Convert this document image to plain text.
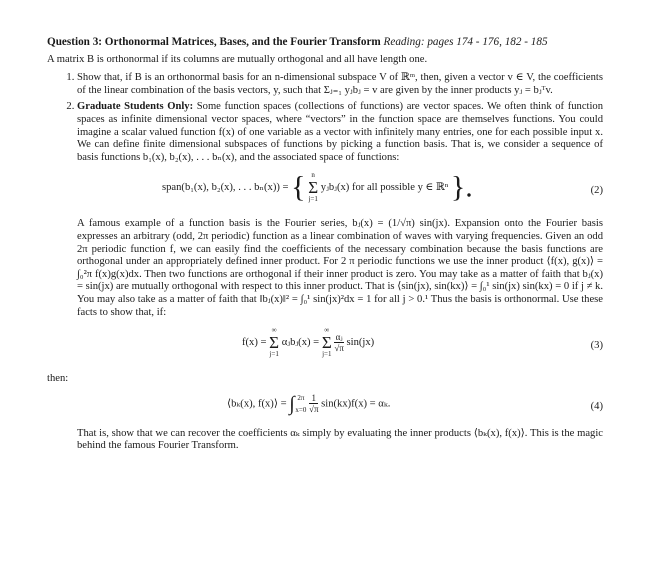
Question 3: Orthonormal Matrices, Bases, and the Fourier Transform Reading: pages 174 - 176, 182 - 185

A matrix B is orthonormal if its columns are mutually orthogonal and all have length one.

1. Show that, if B is an orthonormal basis for an n-dimensional subspace V of ℝᵐ, then, given a vector v ∈ V, the coefficients of the linear combination of the basis vectors, y, such that Σⱼ₌₁ yⱼbⱼ = v are given by the inner products yⱼ = bⱼᵀv.
2. Graduate Students Only: Some function spaces (collections of functions) are vector spaces. We often think of function spaces as infinite dimensional vector spaces, where “vectors” in the function space are themselves functions. You could imagine a scalar valued function f(x) of one variable as a vector with infinitely many entries, one for each possible input x. We can define finite dimensional subspaces of functions by picking a function basis. That is, we consider a sequence of basis functions b₁(x), b₂(x), . . . bₙ(x), and the associated space of functions:
span(b₁(x), b₂(x), . . . bₙ(x)) = { n
Σ
j=1
yⱼbⱼ(x) for all possible y ∈ ℝⁿ }.	(2)

A famous example of a function basis is the Fourier series, bⱼ(x) = (1/√π) sin(jx). Expansion onto the Fourier basis expresses an arbitrary (odd, 2π periodic) function as a linear combination of waves with varying frequencies. Given an odd 2π periodic function f, we can easily find the coefficients of the necessary combination because the basis functions are orthogonal under an appropriately defined inner product. For 2 π periodic functions we use the inner product ⟨f(x), g(x)⟩ = ∫₀²π f(x)g(x)dx. Then two functions are orthogonal if their inner product is zero. You may take as a matter of faith that bⱼ(x) = sin(jx) are mutually orthogonal with respect to this inner product. That is ⟨sin(jx), sin(kx)⟩ = ∫₀¹ sin(jx) sin(kx) = 0 if j ≠ k. You may also take as a matter of faith that ‖bⱼ(x)‖² = ∫₀¹ sin(jx)²dx = 1 for all j > 0.¹ Thus the basis is orthonormal. Use these facts to show that, if:

f(x) =
∞
Σ
j=1
αⱼbⱼ(x) =
∞
Σ
j=1

$\frac{\text{αⱼ}}{√\pi} \sin(jx)$	(3)

then:

⟨bₖ(x), f(x)⟩ = ∫ 2π
x=0
$\frac{1}{√\pi} \sin(kx)f(x) = \alpha_k$.	(4)

That is, show that we can recover the coefficients αₖ simply by evaluating the inner products ⟨bₖ(x), f(x)⟩. This is the magic behind the famous Fourier Transform.
